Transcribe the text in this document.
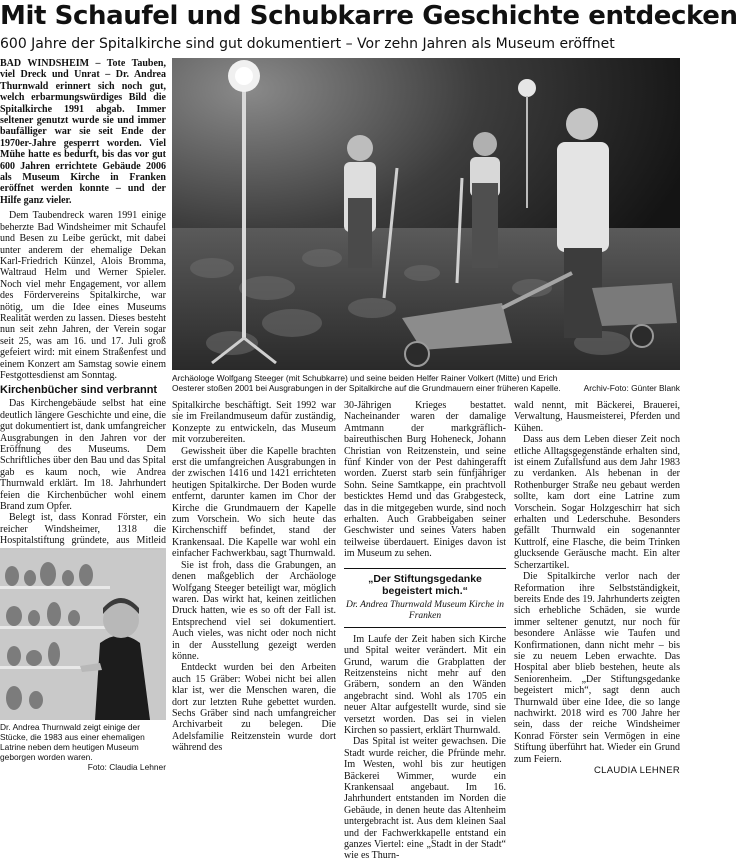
Mit Schaufel und Schubkarre Geschichte entdecken
600 Jahre der Spitalkirche sind gut dokumentiert – Vor zehn Jahren als Museum eröffnet

BAD WINDSHEIM – Tote Tauben, viel Dreck und Unrat – Dr. Andrea Thurnwald erinnert sich noch gut, welch erbarmungswürdiges Bild die Spitalkirche 1991 abgab. Immer seltener genutzt wurde sie und immer baufälliger war sie seit Ende der 1970er-Jahre gesperrt worden. Viel Mühe hatte es bedurft, bis das vor gut 600 Jahren errichtete Gebäude 2006 als Museum Kirche in Franken eröffnet werden konnte – und der Hilfe ganz vieler.

Dem Taubendreck waren 1991 einige beherzte Bad Windsheimer mit Schaufel und Besen zu Leibe gerückt, mit dabei unter anderem der ehemalige Dekan Karl-Friedrich Künzel, Alois Bromma, Waltraud Helm und Werner Spieler. Noch viel mehr Engagement, vor allem des Fördervereins Spitalkirche, war nötig, um die Idee eines Museums Realität werden zu lassen. Dieses besteht nun seit zehn Jahren, der Verein sogar seit 25, was am 16. und 17. Juli groß gefeiert wird: mit einem Straßenfest und einem Konzert am Samstag sowie einem Festgottesdienst am Sonntag.

Kirchenbücher sind verbrannt

Das Kirchengebäude selbst hat eine deutlich längere Geschichte und eine, die gut dokumentiert ist, dank umfangreicher Ausgrabungen in den Jahren vor der Eröffnung des Museums. Dem Schriftliches über den Bau und das Spital gab es kaum noch, wie Andrea Thurnwald erklärt. Im 18. Jahrhundert feien die Kirchenbücher wohl einem Brand zum Opfer.

Belegt ist, dass Konrad Förster, ein reicher Windsheimer, 1318 die Hospitalstiftung gründete, aus Mitleid

Archiv-Foto: Günter Blank
Archäologe Wolfgang Steeger (mit Schubkarre) und seine beiden Helfer Rainer Volkert (Mitte) und Erich Oesterer stoßen 2001 bei Ausgrabungen in der Spitalkirche auf die Grundmauern einer früheren Kapelle.

Spitalkirche beschäftigt. Seit 1992 war sie im Freilandmuseum dafür zuständig, Konzepte zu entwickeln, das Museum mit vorzubereiten.

Gewissheit über die Kapelle brachten erst die umfangreichen Ausgrabungen in der zwischen 1416 und 1421 errichteten heutigen Spitalkirche. Der Boden wurde entfernt, darunter kamen im Chor der Kirche die Grundmauern der Kapelle zum Vorschein. Wo sich heute das Kirchenschiff befindet, stand der Krankensaal. Die Kapelle war wohl ein einfacher Fachwerkbau, sagt Thurnwald.

Sie ist froh, dass die Grabungen, an denen maßgeblich der Archäologe Wolfgang Steeger beteiligt war, möglich waren. Das wirkt hat, keinen zeitlichen Druck hatten, wie es so oft der Fall ist. Entsprechend viel sei dokumentiert. Auch vieles, was nicht oder noch nicht in der Ausstellung gezeigt werden könne.

Entdeckt wurden bei den Arbeiten auch 15 Gräber: Wobei nicht bei allen klar ist, wer die Menschen waren, die dort zur letzten Ruhe gebettet wurden. Sechs Gräber sind nach umfangreicher Archivarbeit zu belegen. Die Adelsfamilie Reitzenstein wurde dort während des

30-Jährigen Krieges bestattet. Nacheinander waren der damalige Amtmann der markgräflich-baireuthischen Burg Hoheneck, Johann Christian von Reitzenstein, und seine fünf Kinder von der Pest dahingerafft worden. Zuerst starb sein fünfjähriger Sohn. Seine Samtkappe, ein prachtvoll besticktes Hemd und das Grabgesteck, das in die mitgegeben wurde, sind noch erhalten. Auch Grabbeigaben seiner Geschwister und seines Vaters haben teilweise überdauert. Einiges davon ist im Museum zu sehen.

„Der Stiftungsgedanke begeistert mich.“
Dr. Andrea Thurnwald Museum Kirche in Franken

Im Laufe der Zeit haben sich Kirche und Spital weiter verändert. Mit ein Grund, warum die Grabplatten der Reitzensteins nicht mehr auf den Gräbern, sondern an den Wänden angebracht sind. Wohl als 1705 ein neuer Altar aufgestellt wurde, sind sie versetzt worden. Das sei in vielen Kirchen so passiert, erklärt Thurnwald.

Das Spital ist weiter gewachsen. Die Stadt wurde reicher, die Pfründe mehr. Im Westen, wohl bis zur heutigen Bäckerei Wimmer, wurde ein Krankensaal angebaut. Im 16. Jahrhundert entstanden im Norden die Gebäude, in denen heute das Altenheim untergebracht ist. Aus dem kleinen Saal und der Fachwerkkapelle entstand ein ganzes Viertel: eine „Stadt in der Stadt“ wie es Thurn-

wald nennt, mit Bäckerei, Brauerei, Verwaltung, Hausmeisterei, Pferden und Kühen.

Dass aus dem Leben dieser Zeit noch etliche Alltagsgegenstände erhalten sind, ist einem Zufallsfund aus dem Jahr 1983 zu verdanken. Als hebenan in der Rothenburger Straße neu gebaut werden sollte, kam dort eine Latrine zum Vorschein. Sogar Holzgeschirr hat sich erhalten und Lederschuhe. Besonders gefällt Thurnwald ein sogenannter Kuttrolf, eine Flasche, die beim Trinken glucksende Geräusche macht. Ein alter Scherzartikel.

Die Spitalkirche verlor nach der Reformation ihre Selbstständigkeit, bereits Ende des 19. Jahrhunderts zeigten sich erhebliche Schäden, sie wurde immer seltener genutzt, nur noch für besondere Anlässe wie Taufen und Konfirmationen, dann nicht mehr – bis sie zu neuem Leben erwachte. Das Hospital aber blieb bestehen, heute als Seniorenheim. „Der Stiftungsgedanke begeistert mich“, sagt denn auch Thurnwald über eine Idee, die so lange nachwirkt. 2018 wird es 700 Jahre her sein, dass der reiche Windsheimer Konrad Förster sein Vermögen in eine Stiftung überführt hat. Wieder ein Grund zum Feiern.

CLAUDIA LEHNER
Dr. Andrea Thurnwald zeigt einige der Stücke, die 1983 aus einer ehemaligen Latrine neben dem heutigen Museum geborgen worden waren.
Foto: Claudia Lehner
